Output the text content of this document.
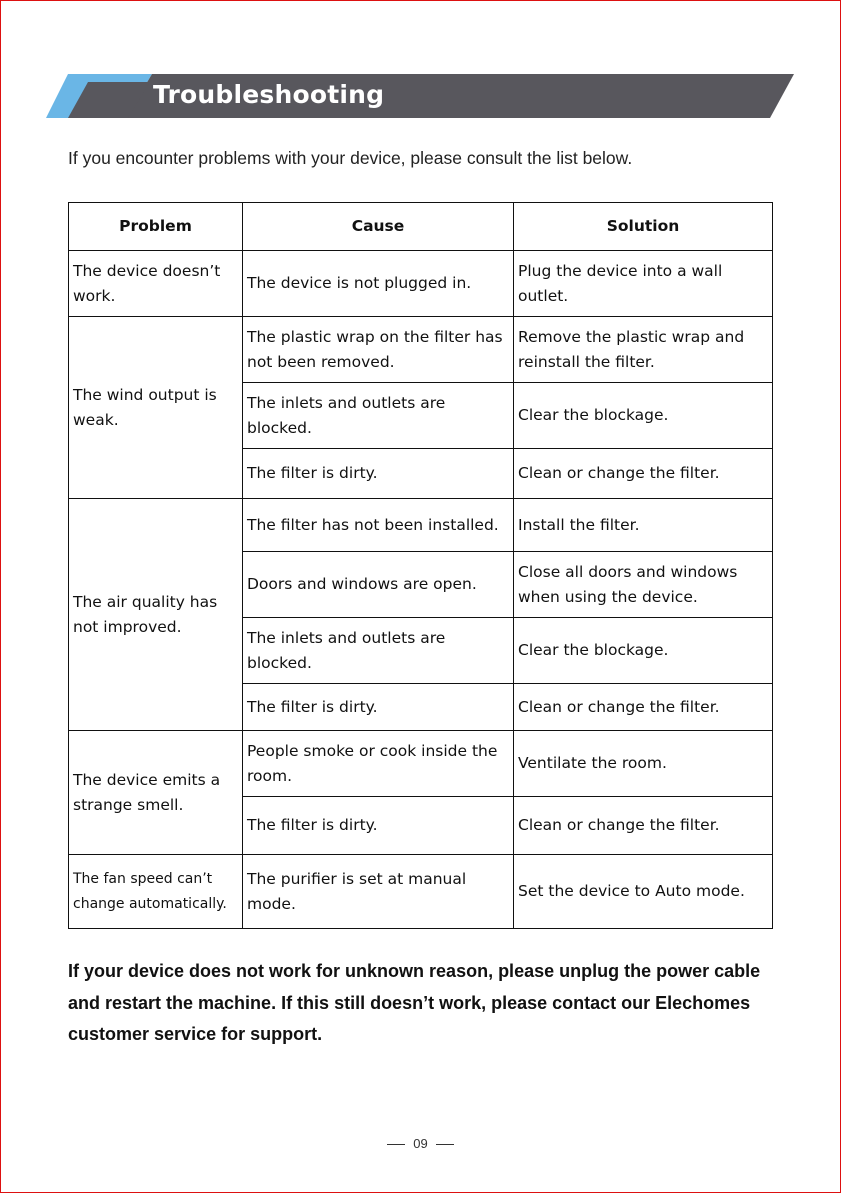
Troubleshooting
If you encounter problems with your device, please consult the list below.
Problem	Cause	Solution
The device doesn’t work.	The device is not plugged in.	Plug the device into a wall outlet.
The wind output is weak.	The plastic wrap on the filter has not been removed.	Remove the plastic wrap and reinstall the filter.
	The inlets and outlets are blocked.	Clear the blockage.
	The filter is dirty.	Clean or change the filter.
The air quality has not improved.	The filter has not been installed.	Install the filter.
	Doors and windows are open.	Close all doors and windows when using the device.
	The inlets and outlets are blocked.	Clear the blockage.
	The filter is dirty.	Clean or change the filter.
The device emits a strange smell.	People smoke or cook inside the room.	Ventilate the room.
	The filter is dirty.	Clean or change the filter.
The fan speed can’t change automatically.	The purifier is set at manual mode.	Set the device to Auto mode.
If your device does not work for unknown reason, please unplug the power cable and restart the machine. If this still doesn’t work, please contact our Elechomes customer service for support.
09
